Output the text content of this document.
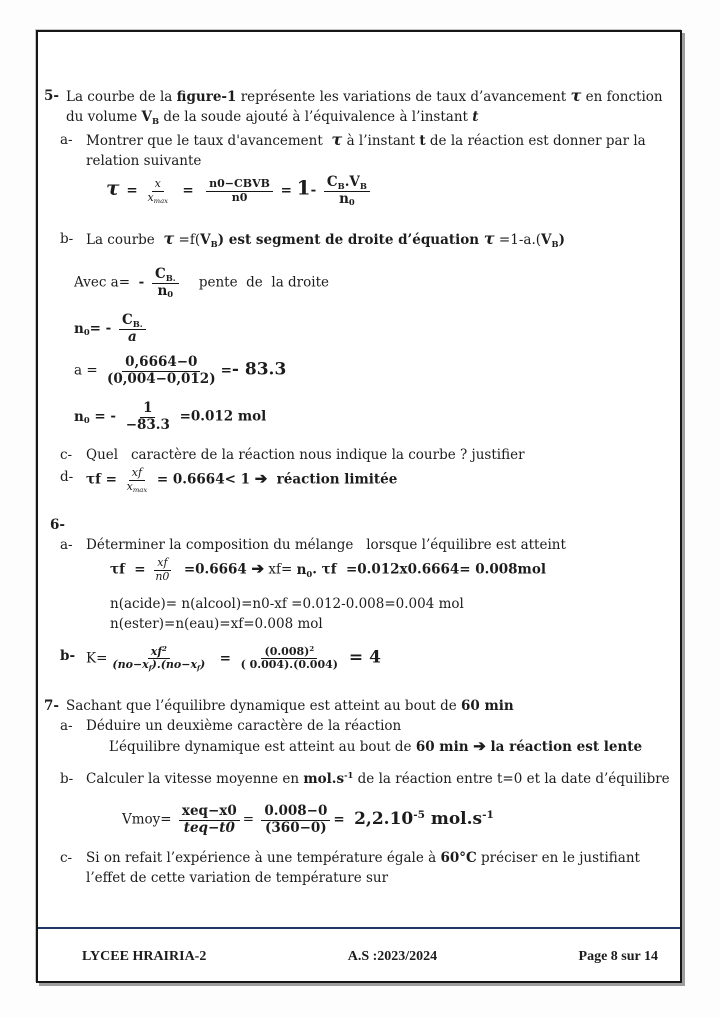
5- La courbe de la figure-1 représente les variations de taux d’avancement τ en fonction
du volume $V_B$ de la soude ajouté à l’équivalence à l’instant t
a- Montrer que le taux d'avancement  τ à l’instant t de la réaction est donner par la
relation suivante
$\tau = \frac{x}{x_{max}} = \frac{\text{n0−CBVB}}{n0} = 1- \frac{C_B.V_B}{n_0}$
b- La courbe  $\tau =f(V_B)$ est segment de droite d’équation $\tau =1-a.(V_B)$
Avec $a= - \frac{C_{B.}}{n_0}$ pente  de  la droite
$n_0= - \frac{C_{B.}}{a}$
$a = \frac{0,6664-0}{(0,004-0,012)} =- 83.3$
$n_0$ = - $\frac{1}{-83.3} =0.012$ mol
c-	Quel   caractère de la réaction nous indique la courbe ? justifier
d- $\tau f = \frac{xf}{x_{max}} = 0.6664< 1$ ➔  réaction limitée
6-
a- Déterminer la composition du mélange   lorsque l’équilibre est atteint
$\tau f = \frac{xf}{n0} =0.6664$ ➔ $xf= n_0$. τf  =0.012x0.6664= 0.008mol
n(acide)= n(alcool)=n0-xf =0.012-0.008=0.004 mol
n(ester)=n(eau)=xf=0.008 mol
b- $K= \frac{xf^2}{(no-x_f).(no-x_f)} = \frac{(0.008)^2}{( 0.004).(0.004)} = 4$
7- Sachant que l’équilibre dynamique est atteint au bout de 60 min
a- Déduire un deuxième caractère de la réaction
L’équilibre dynamique est atteint au bout de 60 min ➔ la réaction est lente
b- Calculer la vitesse moyenne en $mol.s^{-1}$ de la réaction entre t=0 et la date d’équilibre
Vmoy= $\frac{\text{xeq−x0}}{\text{teq−t0}} = \frac{0.008-0}{(360-0)} = 2,2.10^{-5}$ $mol.s^{-1}$
c-	Si on refait l’expérience à une température égale à 60°C préciser en le justifiant
l’effet de cette variation de température sur
LYCEE HRAIRIA-2	A.S :2023/2024	Page 8 sur 14
